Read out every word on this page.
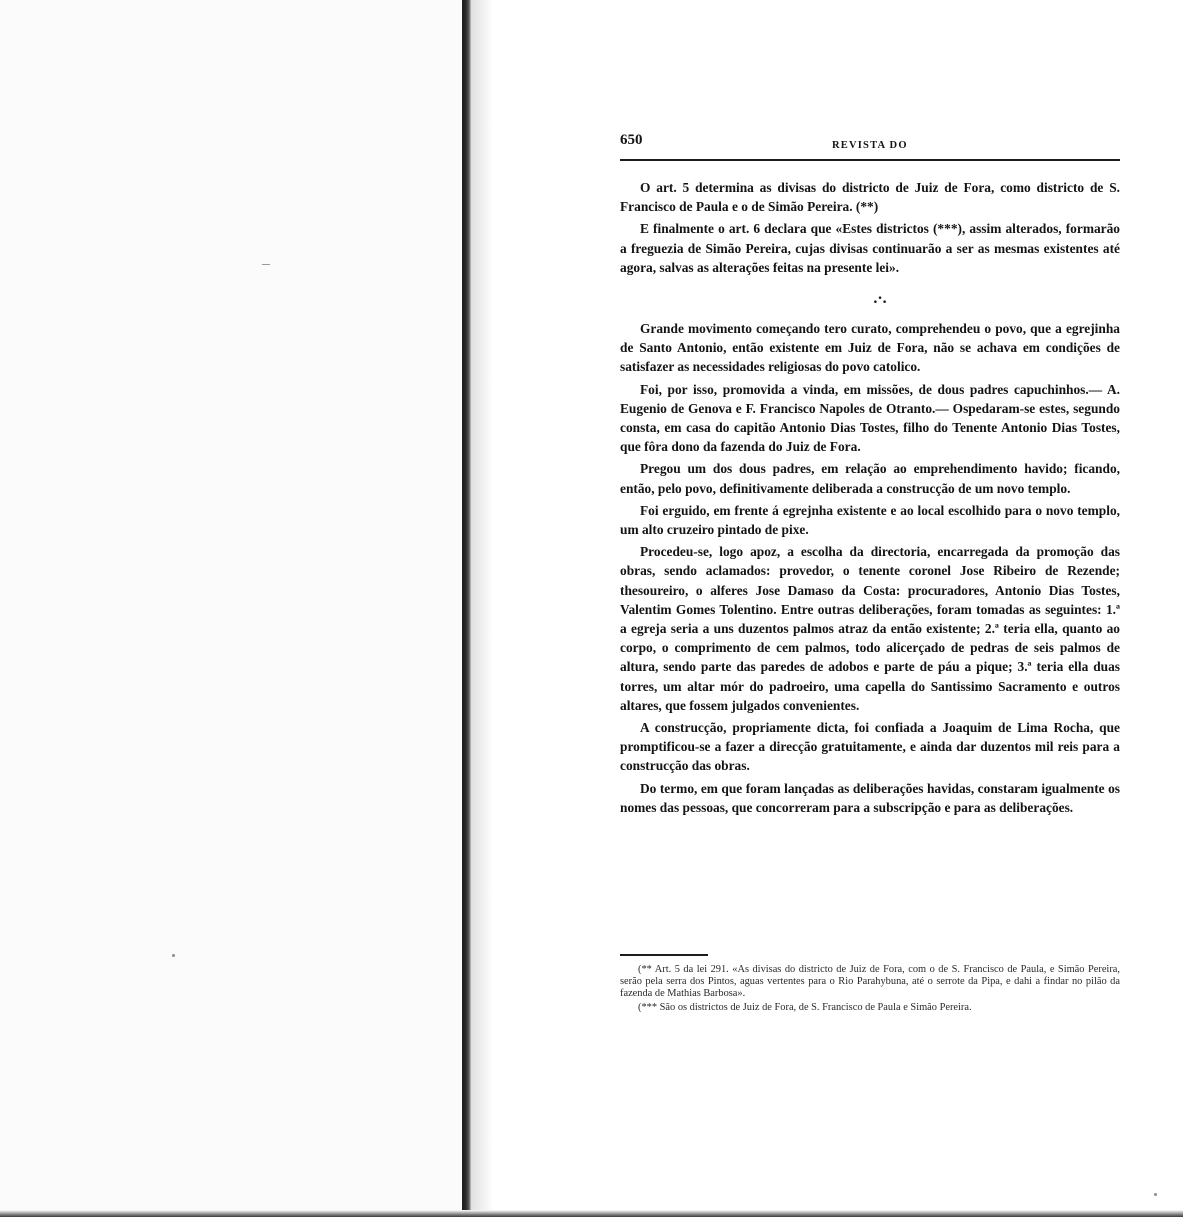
650	REVISTA DO

O art. 5 determina as divisas do districto de Juiz de Fora, como districto de S. Francisco de Paula e o de Simão Pereira. (**)

E finalmente o art. 6 declara que «Estes districtos (***), assim alterados, formarão a freguezia de Simão Pereira, cujas divisas continuarão a ser as mesmas existentes até agora, salvas as alterações feitas na presente lei».

.·.

Grande movimento começando tero curato, comprehendeu o povo, que a egrejinha de Santo Antonio, então existente em Juiz de Fora, não se achava em condições de satisfazer as necessidades religiosas do povo catolico.

Foi, por isso, promovida a vinda, em missões, de dous padres capuchinhos.— A. Eugenio de Genova e F. Francisco Napoles de Otranto.— Ospedaram-se estes, segundo consta, em casa do capitão Antonio Dias Tostes, filho do Tenente Antonio Dias Tostes, que fôra dono da fazenda do Juiz de Fora.

Pregou um dos dous padres, em relação ao emprehendimento havido; ficando, então, pelo povo, definitivamente deliberada a construcção de um novo templo.

Foi erguido, em frente á egrejnha existente e ao local escolhido para o novo templo, um alto cruzeiro pintado de pixe.

Procedeu-se, logo apoz, a escolha da directoria, encarregada da promoção das obras, sendo aclamados: provedor, o tenente coronel Jose Ribeiro de Rezende; thesoureiro, o alferes Jose Damaso da Costa: procuradores, Antonio Dias Tostes, Valentim Gomes Tolentino. Entre outras deliberações, foram tomadas as seguintes: 1.ª a egreja seria a uns duzentos palmos atraz da então existente; 2.ª teria ella, quanto ao corpo, o comprimento de cem palmos, todo alicerçado de pedras de seis palmos de altura, sendo parte das paredes de adobos e parte de páu a pique; 3.ª teria ella duas torres, um altar mór do padroeiro, uma capella do Santissimo Sacramento e outros altares, que fossem julgados convenientes.

A construcção, propriamente dicta, foi confiada a Joaquim de Lima Rocha, que promptificou-se a fazer a direcção gratuitamente, e ainda dar duzentos mil reis para a construcção das obras.

Do termo, em que foram lançadas as deliberações havidas, constaram igualmente os nomes das pessoas, que concorreram para a subscripção e para as deliberações.

(** Art. 5 da lei 291. «As divisas do districto de Juiz de Fora, com o de S. Francisco de Paula, e Simão Pereira, serão pela serra dos Pintos, aguas vertentes para o Rio Parahybuna, até o serrote da Pipa, e dahi a findar no pilão da fazenda de Mathias Barbosa».

(*** São os districtos de Juiz de Fora, de S. Francisco de Paula e Simão Pereira.
